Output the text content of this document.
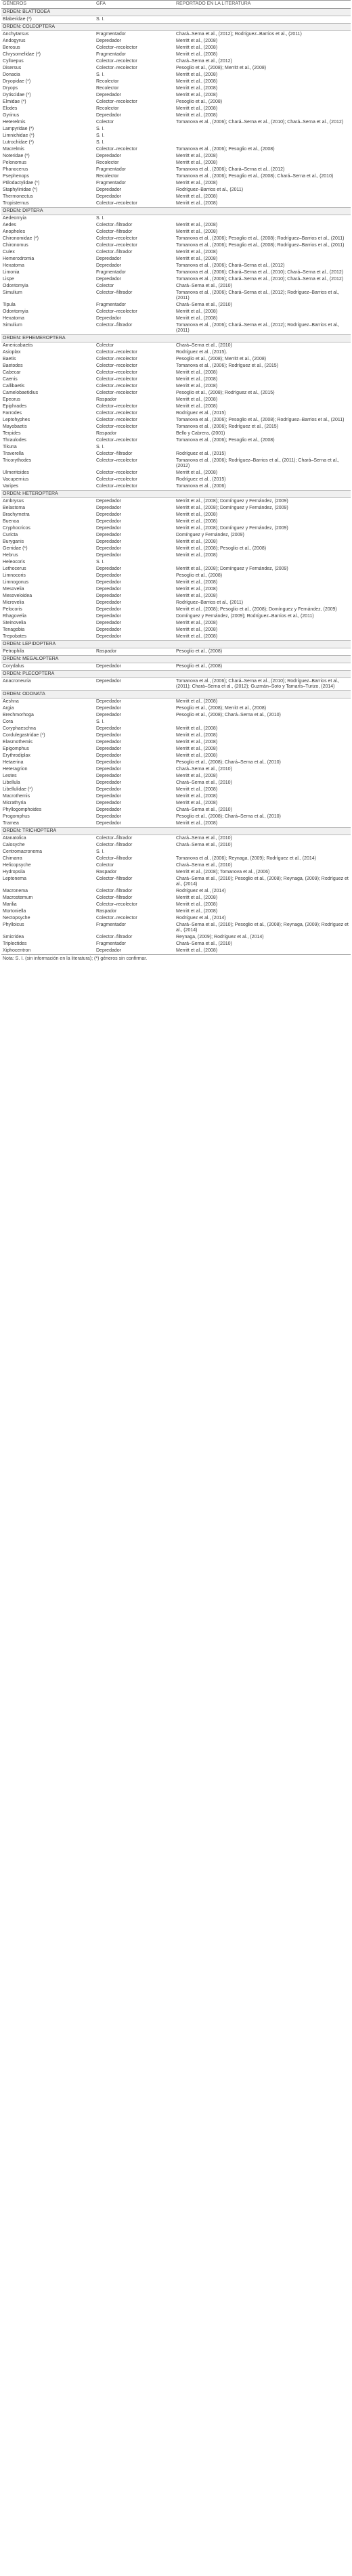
GÉNEROS	GFA	REPORTADO EN LA LITERATURA
ORDEN: BLATTODEA		
Blaberidae (*)	S. I.	
ORDEN: COLEOPTERA		
Anchytarsus	Fragmentador	Chará–Serna et al., (2012); Rodríguez–Barrios et al., (2011)
Andogyrus	Depredador	Merritt et al., (2008)
Berosus	Colector–recolector	Merritt et al., (2008)
Chrysomelidae (*)	Fragmentador	Merritt et al., (2008)
Cylloepus	Colector–recolector	Chará–Serna et al., (2012)
Disersus	Colector–recolector	Pesoglio et al., (2008); Merritt et al., (2008)
Donacia	S. I.	Merritt et al., (2008)
Dryopidae (*)	Recolector	Merritt et al., (2008)
Dryops	Recolector	Merritt et al., (2008)
Dytiscidae (*)	Depredador	Merritt et al., (2008)
Elmidae (*)	Colector–recolector	Pesoglio et al., (2008)
Elodes	Recolector	Merritt et al., (2008)
Gyrinus	Depredador	Merritt et al., (2008)
Heterelmis	Colector	Tomanova et al., (2006); Chará–Serna et al., (2010); Chará–Serna et al., (2012)
Lampyridae (*)	S. I.	
Limnichidae (*)	S. I.	
Lutrochidae (*)	S. I.	
Macrelmis	Colector–recolector	Tomanova et al., (2006); Pesoglio et al., (2008)
Noteridae (*)	Depredador	Merritt et al., (2008)
Pelonomus	Recolector	Merritt et al., (2008)
Phanocerus	Fragmentador	Tomanova et al., (2006); Chará–Serna et al., (2012)
Psephenops	Recolector	Tomanova et al., (2006); Pesoglio et al., (2008); Chará–Serna et al., (2010)
Ptilodactylidae (*)	Fragmentador	Merritt et al., (2008)
Staphylinidae (*)	Depredador	Rodríguez–Barrios et al., (2011)
Thermonectus	Depredador	Merritt et al., (2008)
Tropisternus	Colector–recolector	Merritt et al., (2008)
ORDEN: DIPTERA		
Aedeomyia	S. I.	
Aedes	Colector–filtrador	Merritt et al., (2008)
Anopheles	Colector–filtrador	Merritt et al., (2008)
Chironomidae (*)	Colector–recolector	Tomanova et al., (2006); Pesoglio et al., (2008); Rodríguez–Barrios et al., (2011)
Chironomus	Colector–recolector	Tomanova et al., (2006); Pesoglio et al., (2008); Rodríguez–Barrios et al., (2011)
Culex	Colector–filtrador	Merritt et al., (2008)
Hemerodromia	Depredador	Merritt et al., (2008)
Hexatoma	Depredador	Tomanova et al., (2006); Chará–Serna et al., (2012)
Limonia	Fragmentador	Tomanova et al., (2006); Chará–Serna et al., (2010); Chará–Serna et al., (2012)
Lispe	Depredador	Tomanova et al., (2006); Chará–Serna et al., (2010); Chará–Serna et al., (2012)
Odontomyia	Colector	Chará–Serna et al., (2010)
Simulium	Colector–filtrador	Tomanova et al., (2006); Chará–Serna et al., (2012); Rodríguez–Barrios et al., (2011)
Tipula	Fragmentador	Chará–Serna et al., (2010)
Odontomyia	Colector–recolector	Merritt et al., (2008)
Hexatoma	Depredador	Merritt et al., (2008)
Simulium	Colector–filtrador	Tomanova et al., (2006); Chará–Serna et al., (2012); Rodríguez–Barrios et al., (2011)
ORDEN: EPHEMEROPTERA		
Americabaetis	Colector	Chará–Serna et al., (2010)
Asioplax	Colector–recolector	Rodríguez et al., (2015).
Baetis	Colector–recolector	Pesoglio et al., (2008); Merritt et al., (2008)
Baetodes	Colector–recolector	Tomanova et al., (2006); Rodríguez et al., (2015)
Cabecar	Colector–recolector	Merritt et al., (2008)
Caenis	Colector–recolector	Merritt et al., (2008)
Callibaetis	Colector–recolector	Merritt et al., (2008)
Camelobaetidius	Colector–recolector	Pesoglio et al., (2008); Rodríguez et al., (2015)
Epeorus	Raspador	Merritt et al., (2008)
Epiphrades	Colector–recolector	Merritt et al., (2008)
Farrodes	Colector–recolector	Rodríguez et al., (2015)
Leptohyphes	Colector–recolector	Tomanova et al., (2006); Pesoglio et al., (2008); Rodríguez–Barrios et al., (2011)
Mayobaetis	Colector–recolector	Tomanova et al., (2006); Rodríguez et al., (2015)
Terpides	Raspador	Bello y Cabrera, (2001)
Thraulodes	Colector–recolector	Tomanova et al., (2006); Pesoglio et al., (2008)
Tikuna	S. I.	
Traverella	Colector–filtrador	Rodríguez et al., (2015)
Tricorythodes	Colector–recolector	Tomanova et al., (2006); Rodríguez–Barrios et al., (2011); Chará–Serna et al., (2012)
Ulmeritoides	Colector–recolector	Merritt et al., (2008)
Vacupernius	Colector–recolector	Rodríguez et al., (2015)
Varipes	Colector–recolector	Tomanova et al., (2006)
ORDEN: HETEROPTERA		
Ambrysus	Depredador	Merritt et al., (2008); Domínguez y Fernández, (2009)
Belastoma	Depredador	Merritt et al., (2008); Domínguez y Fernández, (2009)
Brachymetra	Depredador	Merritt et al., (2008)
Buenoa	Depredador	Merritt et al., (2008)
Cryphocricos	Depredador	Merritt et al., (2008); Domínguez y Fernández, (2009)
Curicta	Depredador	Domínguez y Fernández, (2009)
Buryganis	Depredador	Merritt et al., (2008)
Gerridae (*)	Depredador	Merritt et al., (2008); Pesoglio et al., (2008)
Hebrus	Depredador	Merritt et al., (2008)
Heleocoris	S. I.	
Lethocerus	Depredador	Merritt et al., (2008); Domínguez y Fernández, (2009)
Limnocoris	Depredador	Pesoglio et al., (2008)
Limnogonus	Depredador	Merritt et al., (2008)
Mesovelia	Depredador	Merritt et al., (2008)
Mesoveloidea	Depredador	Merritt et al., (2008)
Microvelia	Depredador	Rodríguez–Barrios et al., (2011)
Pelocoris	Depredador	Merritt et al., (2008); Pesoglio et al., (2008); Domínguez y Fernández, (2009)
Rhagovelia	Depredador	Domínguez y Fernández, (2009); Rodríguez–Barrios et al., (2011)
Steinovelia	Depredador	Merritt et al., (2008)
Tenagobia	Depredador	Merritt et al., (2008)
Trepobates	Depredador	Merritt et al., (2008)
ORDEN: LEPIDOPTERA		
Petrophila	Raspador	Pesoglio et al., (2008)
ORDEN: MEGALOPTERA		
Corydalus	Depredador	Pesoglio et al., (2008)
ORDEN: PLECOPTERA		
Anacroneuria	Depredador	Tomanova et al., (2006); Chará–Serna et al., (2010); Rodríguez–Barrios et al., (2011); Chará–Serna et al., (2012); Guzmán–Soto y Tamarís–Turizo, (2014)
ORDEN: ODONATA		
Aeshna	Depredador	Merritt et al., (2008)
Argia	Depredador	Pesoglio et al., (2008); Merritt et al., (2008)
Brechmorhoga	Depredador	Pesoglio et al., (2008); Chará–Serna et al., (2010)
Cora	S. I.	
Coryphaeschna	Depredador	Merritt et al., (2008)
Cordulegastridae (*)	Depredador	Merritt et al., (2008)
Elasmothemis	Depredador	Merritt et al., (2008)
Epigomphus	Depredador	Merritt et al., (2008)
Erythrodiplax	Depredador	Merritt et al., (2008)
Hetaerina	Depredador	Pesoglio et al., (2008); Chará–Serna et al., (2010)
Heteragrion	Depredador	Chará–Serna et al., (2010)
Lestes	Depredador	Merritt et al., (2008)
Libellula	Depredador	Chará–Serna et al., (2010)
Libellulidae (*)	Depredador	Merritt et al., (2008)
Macrothemis	Depredador	Merritt et al., (2008)
Micrathyria	Depredador	Merritt et al., (2008)
Phyllogomphoides	Depredador	Chará–Serna et al., (2010)
Progomphus	Depredador	Pesoglio et al., (2008); Chará–Serna et al., (2010)
Tramea	Depredador	Merritt et al., (2008)
ORDEN: TRICHOPTERA		
Atanatolica	Colector–filtrador	Chará–Serna et al., (2010)
Calosyche	Colector–filtrador	Chará–Serna et al., (2010)
Centromacronema	S. I.	
Chimarra	Colector–filtrador	Tomanova et al., (2006); Reynaga, (2009); Rodríguez et al., (2014)
Helicopsyche	Colector	Chará–Serna et al., (2010)
Hydropsila	Raspador	Merritt et al., (2008); Tomanova et al., (2006)
Leptonema	Colector–filtrador	Chará–Serna et al., (2010); Pesoglio et al., (2008); Reynaga, (2009); Rodríguez et al., (2014)
Macronema	Colector–filtrador	Rodríguez et al., (2014)
Macrostemum	Colector–filtrador	Merritt et al., (2008)
Marilia	Colector–recolector	Merritt et al., (2008)
Mortoniella	Raspador	Merritt et al., (2008)
Nectopsyche	Colector–recolector	Rodríguez et al., (2014)
Phylloicus	Fragmentador	Chará–Serna et al., (2010); Pesoglio et al., (2008); Reynaga, (2009); Rodríguez et al., (2014)
Smicridea	Colector–filtrador	Reynaga, (2009); Rodríguez et al., (2014)
Triplectides	Fragmentador	Chará–Serna et al., (2010)
Xiphocentron	Depredador	Merritt et al., (2008)
Nota: S. I. (sin información en la literatura); (*) géneros sin confirmar.
